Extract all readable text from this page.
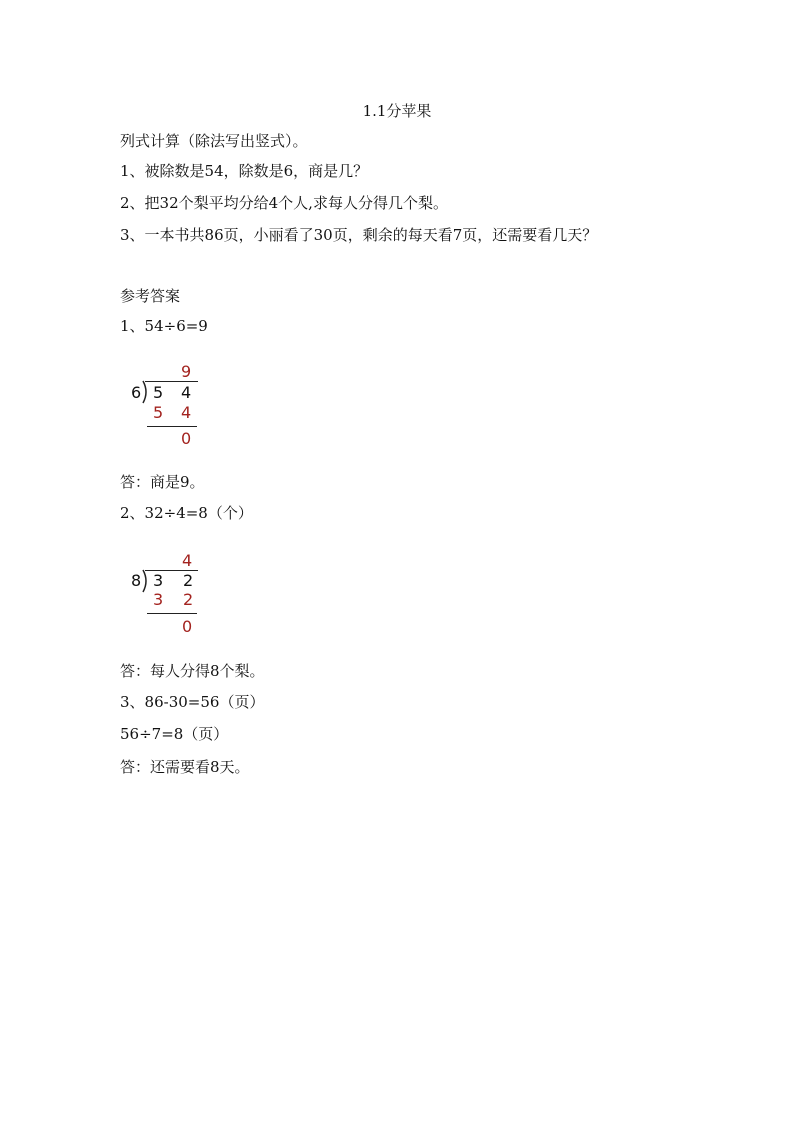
1.1分苹果
列式计算（除法写出竖式）。
1、被除数是54，除数是6，商是几？
2、把32个梨平均分给4个人,求每人分得几个梨。
3、一本书共86页，小丽看了30页，剩余的每天看7页，还需要看几天？
参考答案
1、54÷6=9
9
6 5 4
5 4
0
答：商是9。
2、32÷4=8（个）
4
8 3 2
3 2
0
答：每人分得8个梨。
3、86-30=56（页）
56÷7=8（页）
答：还需要看8天。
